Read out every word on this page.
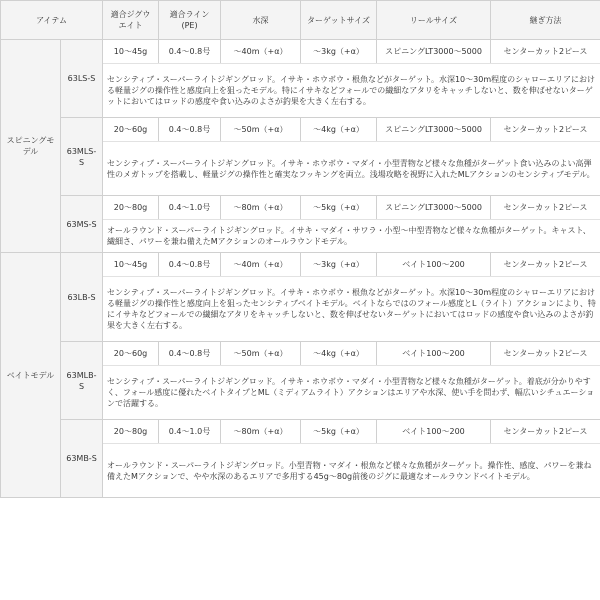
アイテム		適合ジグウエイト	適合ライン(PE)	水深	ターゲットサイズ	リールサイズ	継ぎ方法

スピニングモデル	63LS-S	10～45g	0.4～0.8号	～40m（+α）	～3kg（+α）	スピニングLT3000～5000	センターカット2ピース
		センシティブ・スーパーライトジギングロッド。イサキ・ホウボウ・根魚などがターゲット。水深10～30m程度のシャローエリアにおける軽量ジグの操作性と感度向上を狙ったモデル。特にイサキなどフォールでの繊細なアタリをキャッチしないと、数を伸ばせないターゲットにおいてはロッドの感度や食い込みのよさが釣果を大きく左右する。					
	63MLS-S	20～60g	0.4～0.8号	～50m（+α）	～4kg（+α）	スピニングLT3000～5000	センターカット2ピース
		センシティブ・スーパーライトジギングロッド。イサキ・ホウボウ・マダイ・小型青物など様々な魚種がターゲット食い込みのよい高弾性のメガトップを搭載し、軽量ジグの操作性と確実なフッキングを両立。浅場攻略を視野に入れたMLアクションのセンシティブモデル。					
	63MS-S	20～80g	0.4～1.0号	～80m（+α）	～5kg（+α）	スピニングLT3000～5000	センターカット2ピース
		オールラウンド・スーパーライトジギングロッド。イサキ・マダイ・サワラ・小型～中型青物など様々な魚種がターゲット。キャスト、繊細さ、パワーを兼ね備えたMアクションのオールラウンドモデル。					
ベイトモデル	63LB-S	10～45g	0.4～0.8号	～40m（+α）	～3kg（+α）	ベイト100～200	センターカット2ピース
		センシティブ・スーパーライトジギングロッド。イサキ・ホウボウ・根魚などがターゲット。水深10～30m程度のシャローエリアにおける軽量ジグの操作性と感度向上を狙ったセンシティブベイトモデル。ベイトならではのフォール感度とL（ライト）アクションにより、特にイサキなどフォールでの繊細なアタリをキャッチしないと、数を伸ばせないターゲットにおいてはロッドの感度や食い込みのよさが釣果を大きく左右する。					
	63MLB-S	20～60g	0.4～0.8号	～50m（+α）	～4kg（+α）	ベイト100～200	センターカット2ピース
		センシティブ・スーパーライトジギングロッド。イサキ・ホウボウ・マダイ・小型青物など様々な魚種がターゲット。着底が分かりやすく、フォール感度に優れたベイトタイプとML（ミディアムライト）アクションはエリアや水深、使い手を問わず、幅広いシチュエーションで活躍する。					
	63MB-S	20～80g	0.4～1.0号	～80m（+α）	～5kg（+α）	ベイト100～200	センターカット2ピース
		オールラウンド・スーパーライトジギングロッド。小型青物・マダイ・根魚など様々な魚種がターゲット。操作性、感度、パワーを兼ね備えたMアクションで、やや水深のあるエリアで多用する45g～80g前後のジグに最適なオールラウンドベイトモデル。					
